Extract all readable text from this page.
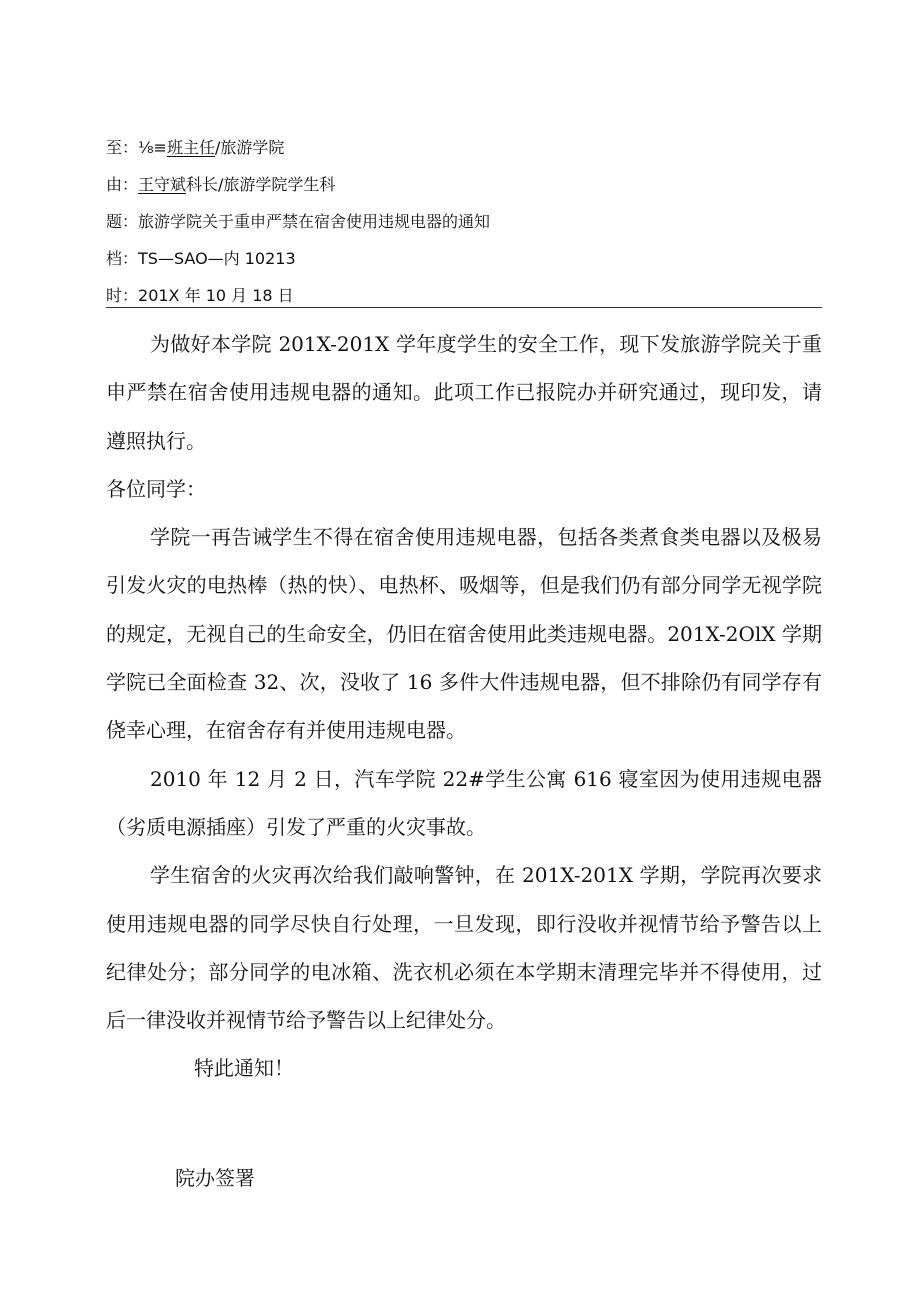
至：⅛≡班主任/旅游学院
由：王守斌科长/旅游学院学生科
题：旅游学院关于重申严禁在宿舍使用违规电器的通知
档：TS—SAO—内 10213
时：201X 年 10 月 18 日

为做好本学院 201X-201X 学年度学生的安全工作，现下发旅游学院关于重申严禁在宿舍使用违规电器的通知。此项工作已报院办并研究通过，现印发，请遵照执行。

各位同学：

学院一再告诫学生不得在宿舍使用违规电器，包括各类煮食类电器以及极易引发火灾的电热棒（热的快）、电热杯、吸烟等，但是我们仍有部分同学无视学院的规定，无视自己的生命安全，仍旧在宿舍使用此类违规电器。201X-2OlX 学期学院已全面检查 32、次，没收了 16 多件大件违规电器，但不排除仍有同学存有侥幸心理，在宿舍存有并使用违规电器。

2010 年 12 月 2 日，汽车学院 22#学生公寓 616 寝室因为使用违规电器（劣质电源插座）引发了严重的火灾事故。

学生宿舍的火灾再次给我们敲响警钟，在 201X-201X 学期，学院再次要求使用违规电器的同学尽快自行处理，一旦发现，即行没收并视情节给予警告以上纪律处分；部分同学的电冰箱、洗衣机必须在本学期末清理完毕并不得使用，过后一律没收并视情节给予警告以上纪律处分。

特此通知！

院办签署
